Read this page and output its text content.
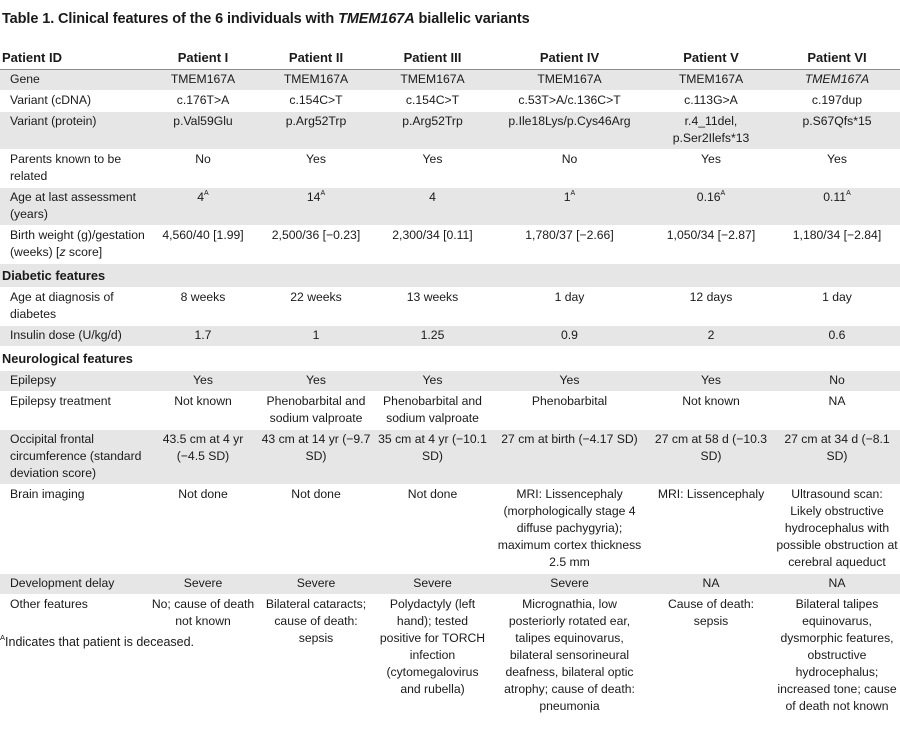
Table 1. Clinical features of the 6 individuals with TMEM167A biallelic variants
Patient ID	Patient I	Patient II	Patient III	Patient IV	Patient V	Patient VI
Gene	TMEM167A	TMEM167A	TMEM167A	TMEM167A	TMEM167A	TMEM167A
Variant (cDNA)	c.176T>A	c.154C>T	c.154C>T	c.53T>A/c.136C>T	c.113G>A	c.197dup
Variant (protein)	p.Val59Glu	p.Arg52Trp	p.Arg52Trp	p.Ile18Lys/p.Cys46Arg	r.4_11del, p.Ser2Ilefs*13	p.S67Qfs*15
Parents known to be related	No	Yes	Yes	No	Yes	Yes
Age at last assessment (years)	$4^A$	$14^A$	4	$1^A$	$0.16^A$	$0.11^A$
Birth weight (g)/gestation (weeks) [z score]	4,560/40 [1.99]	2,500/36 [−0.23]	2,300/34 [0.11]	1,780/37 [−2.66]	1,050/34 [−2.87]	1,180/34 [−2.84]
Diabetic features						
Age at diagnosis of diabetes	8 weeks	22 weeks	13 weeks	1 day	12 days	1 day
Insulin dose (U/kg/d)	1.7	1	1.25	0.9	2	0.6
Neurological features						
Epilepsy	Yes	Yes	Yes	Yes	Yes	No
Epilepsy treatment	Not known	Phenobarbital and sodium valproate	Phenobarbital and sodium valproate	Phenobarbital	Not known	NA
Occipital frontal circumference (standard deviation score)	43.5 cm at 4 yr (−4.5 SD)	43 cm at 14 yr (−9.7 SD)	35 cm at 4 yr (−10.1 SD)	27 cm at birth (−4.17 SD)	27 cm at 58 d (−10.3 SD)	27 cm at 34 d (−8.1 SD)
Brain imaging	Not done	Not done	Not done	MRI: Lissencephaly (morphologically stage 4 diffuse pachygyria); maximum cortex thickness 2.5 mm	MRI: Lissencephaly	Ultrasound scan: Likely obstructive hydrocephalus with possible obstruction at cerebral aqueduct
Development delay	Severe	Severe	Severe	Severe	NA	NA
Other features	No; cause of death not known	Bilateral cataracts; cause of death: sepsis	Polydactyly (left hand); tested positive for TORCH infection (cytomegalovirus and rubella)	Micrognathia, low posteriorly rotated ear, talipes equinovarus, bilateral sensorineural deafness, bilateral optic atrophy; cause of death: pneumonia	Cause of death: sepsis	Bilateral talipes equinovarus, dysmorphic features, obstructive hydrocephalus; increased tone; cause of death not known
$^A$Indicates that patient is deceased.
